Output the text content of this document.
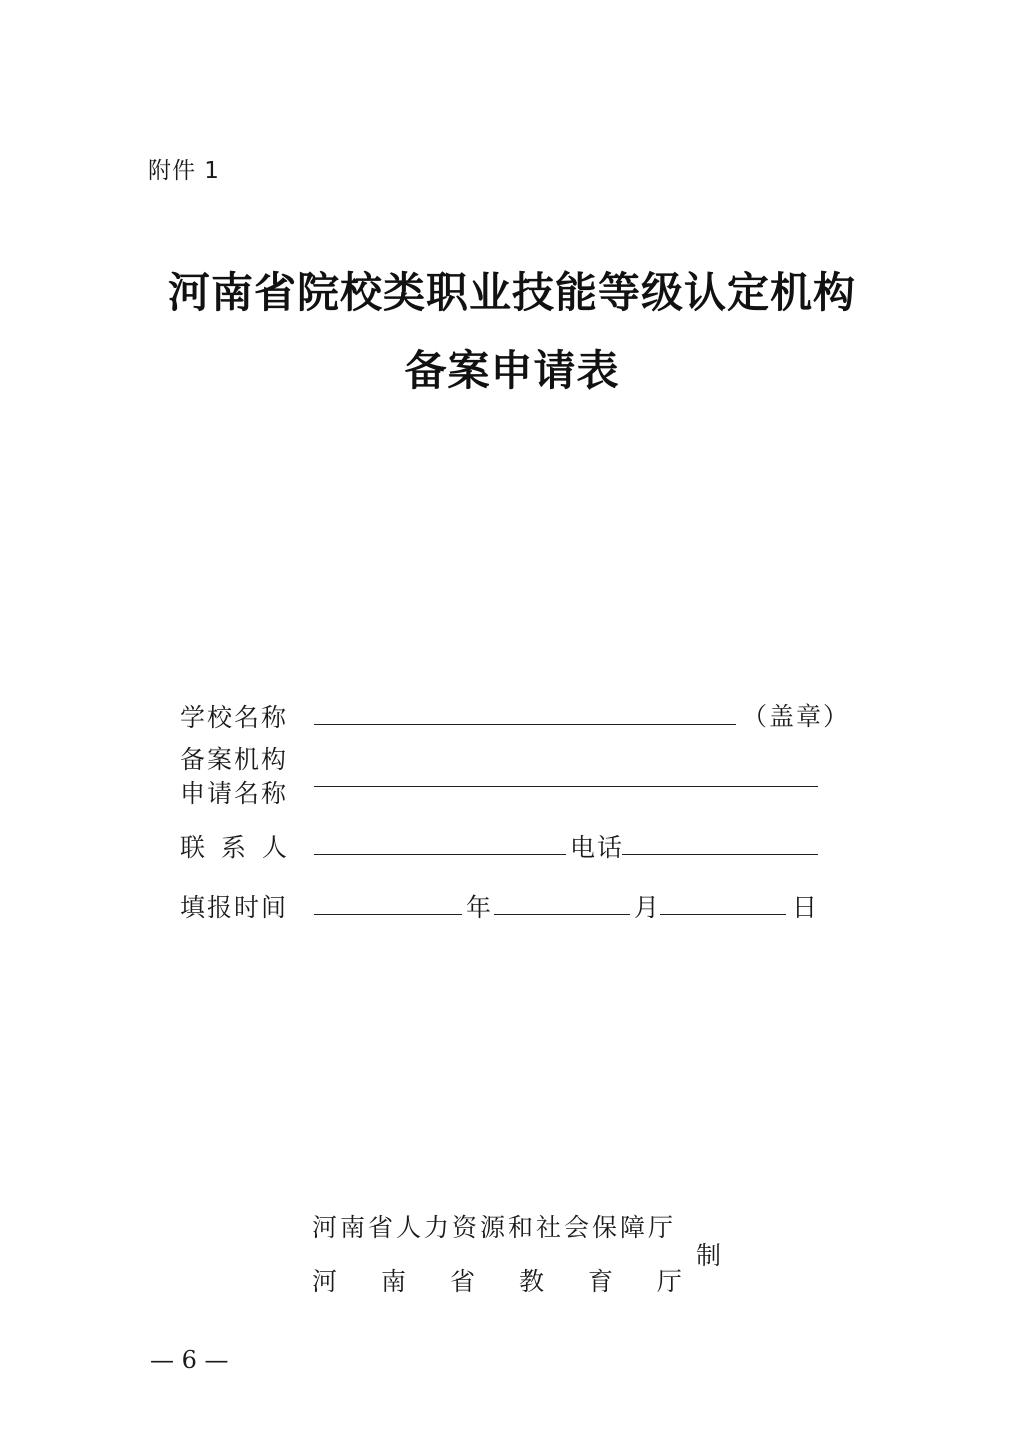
附件 1
河南省院校类职业技能等级认定机构
备案申请表
学校名称	（盖章）
备案机构
申请名称
联 系 人	电话
填报时间	年	月	日
河南省人力资源和社会保障厅
河 南 省 教 育 厅
制
— 6 —
